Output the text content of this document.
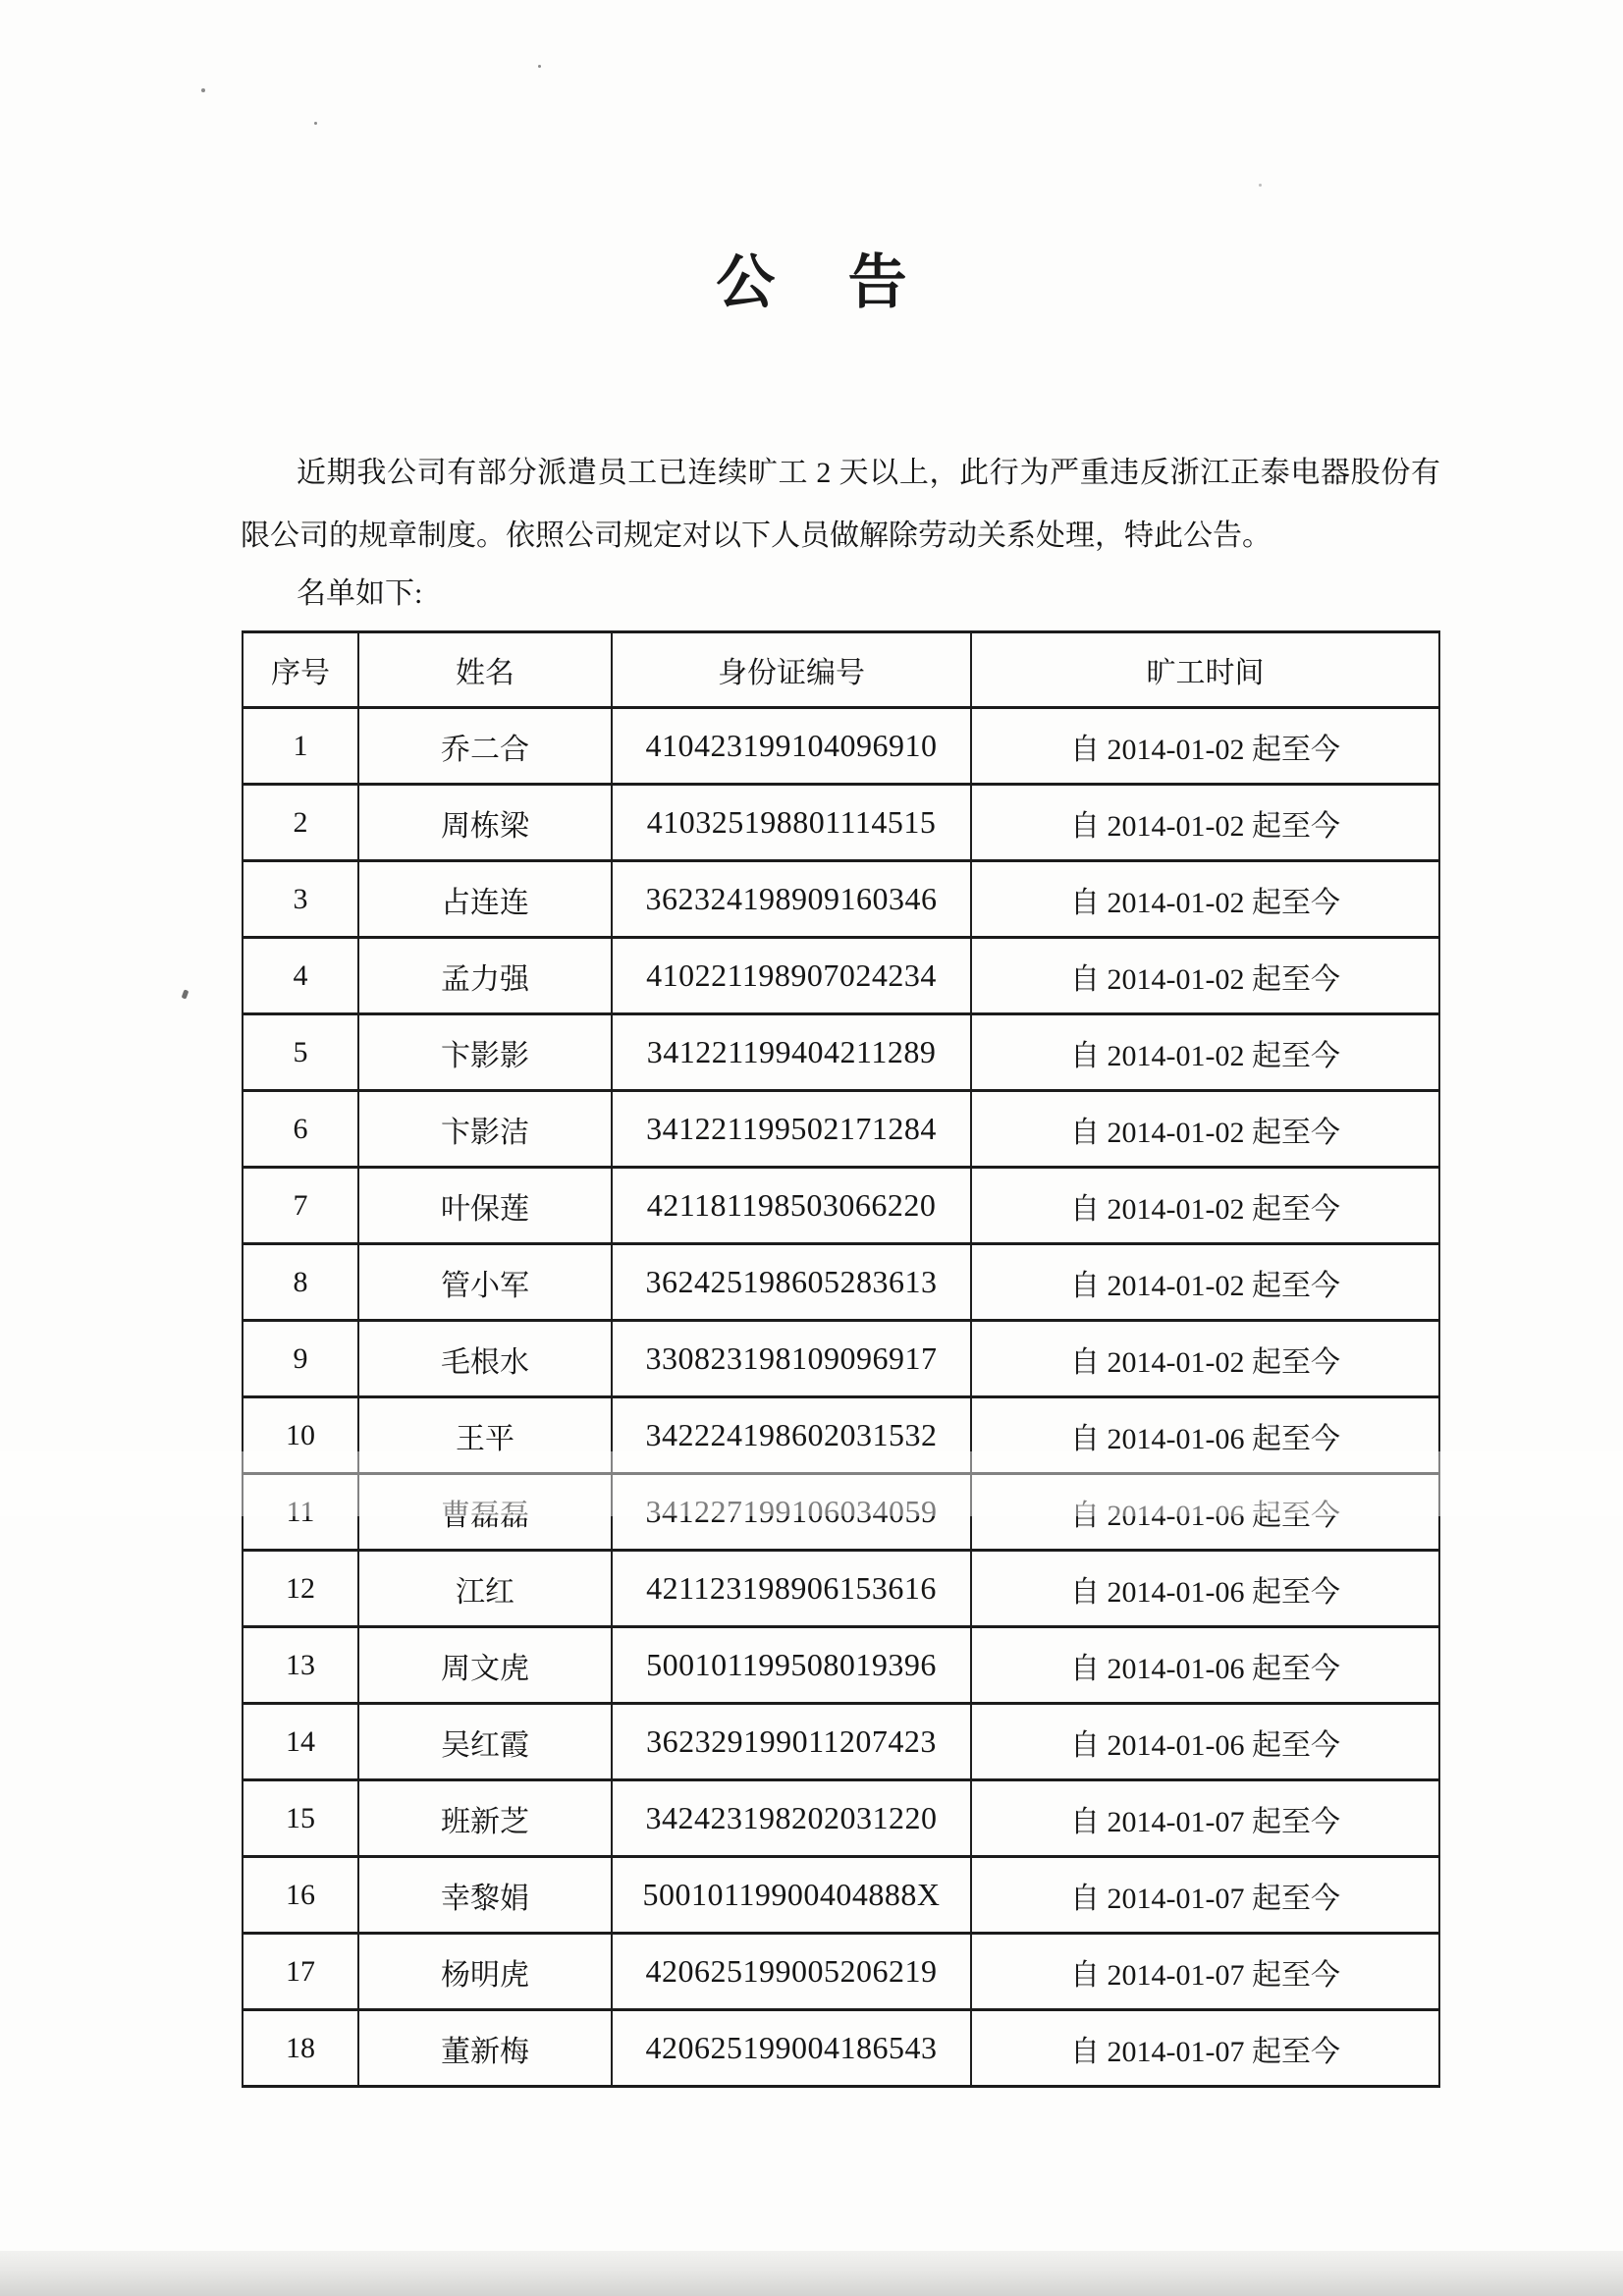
公　告

近期我公司有部分派遣员工已连续旷工 2 天以上，此行为严重违反浙江正泰电器股份有限公司的规章制度。依照公司规定对以下人员做解除劳动关系处理，特此公告。

名单如下:

序号	姓名	身份证编号	旷工时间
1	乔二合	410423199104096910	自 2014-01-02 起至今
2	周栋梁	410325198801114515	自 2014-01-02 起至今
3	占连连	362324198909160346	自 2014-01-02 起至今
4	孟力强	410221198907024234	自 2014-01-02 起至今
5	卞影影	341221199404211289	自 2014-01-02 起至今
6	卞影洁	341221199502171284	自 2014-01-02 起至今
7	叶保莲	421181198503066220	自 2014-01-02 起至今
8	管小军	362425198605283613	自 2014-01-02 起至今
9	毛根水	330823198109096917	自 2014-01-02 起至今
10	王平	342224198602031532	自 2014-01-06 起至今
11	曹磊磊	341227199106034059	自 2014-01-06 起至今
12	江红	421123198906153616	自 2014-01-06 起至今
13	周文虎	500101199508019396	自 2014-01-06 起至今
14	吴红霞	362329199011207423	自 2014-01-06 起至今
15	班新芝	342423198202031220	自 2014-01-07 起至今
16	幸黎娟	50010119900404888X	自 2014-01-07 起至今
17	杨明虎	420625199005206219	自 2014-01-07 起至今
18	董新梅	420625199004186543	自 2014-01-07 起至今
